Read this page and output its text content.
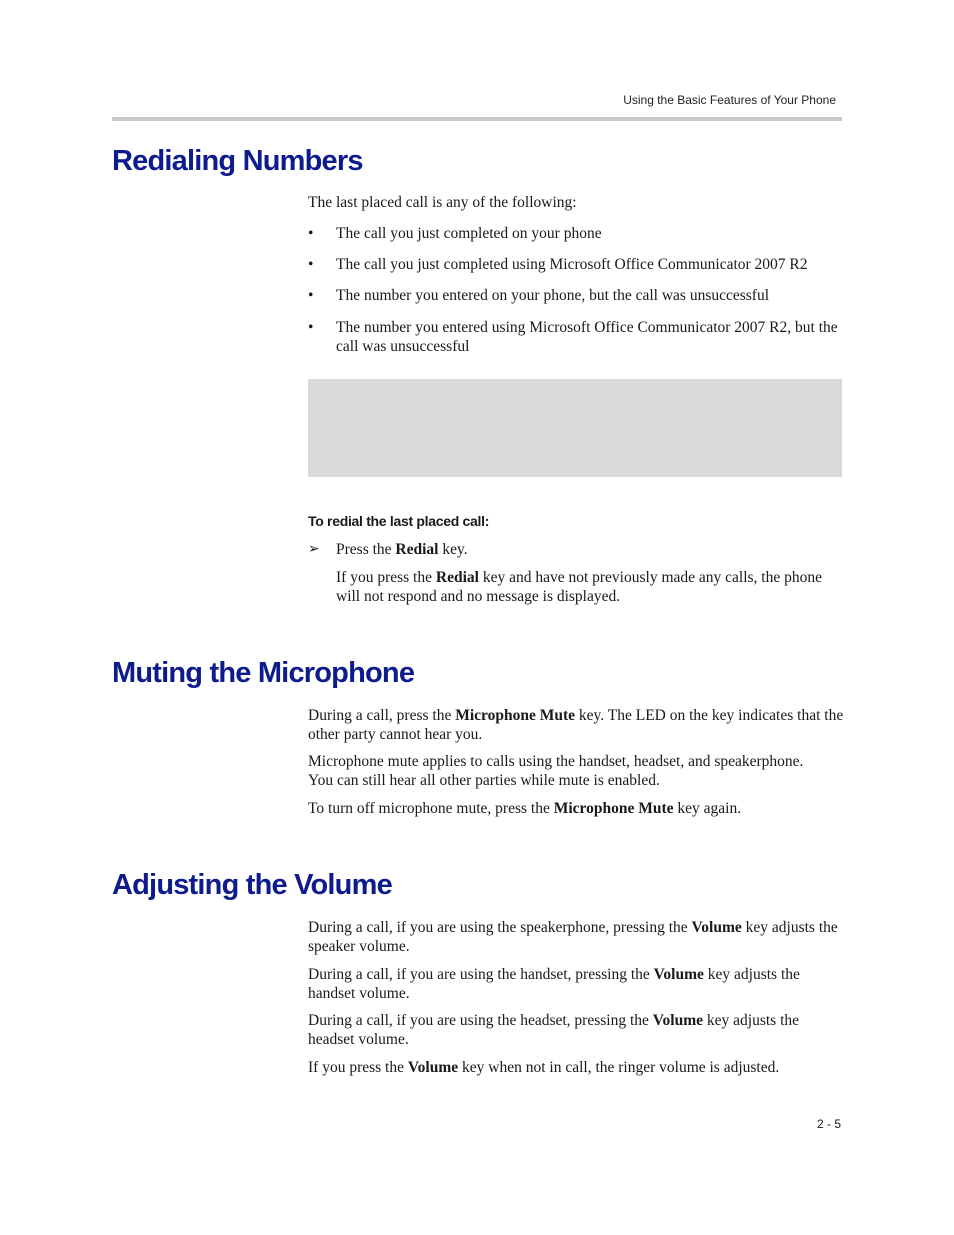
Using the Basic Features of Your Phone
Redialing Numbers
The last placed call is any of the following:
• The call you just completed on your phone
• The call you just completed using Microsoft Office Communicator 2007 R2
• The number you entered on your phone, but the call was unsuccessful
• The number you entered using Microsoft Office Communicator 2007 R2, but the call was unsuccessful
To redial the last placed call:
➢ Press the Redial key.

If you press the Redial key and have not previously made any calls, the phone will not respond and no message is displayed.

Muting the Microphone

During a call, press the Microphone Mute key. The LED on the key indicates that the other party cannot hear you.

Microphone mute applies to calls using the handset, headset, and speakerphone. You can still hear all other parties while mute is enabled.

To turn off microphone mute, press the Microphone Mute key again.

Adjusting the Volume

During a call, if you are using the speakerphone, pressing the Volume key adjusts the speaker volume.

During a call, if you are using the handset, pressing the Volume key adjusts the handset volume.

During a call, if you are using the headset, pressing the Volume key adjusts the headset volume.

If you press the Volume key when not in call, the ringer volume is adjusted.

2 - 5
